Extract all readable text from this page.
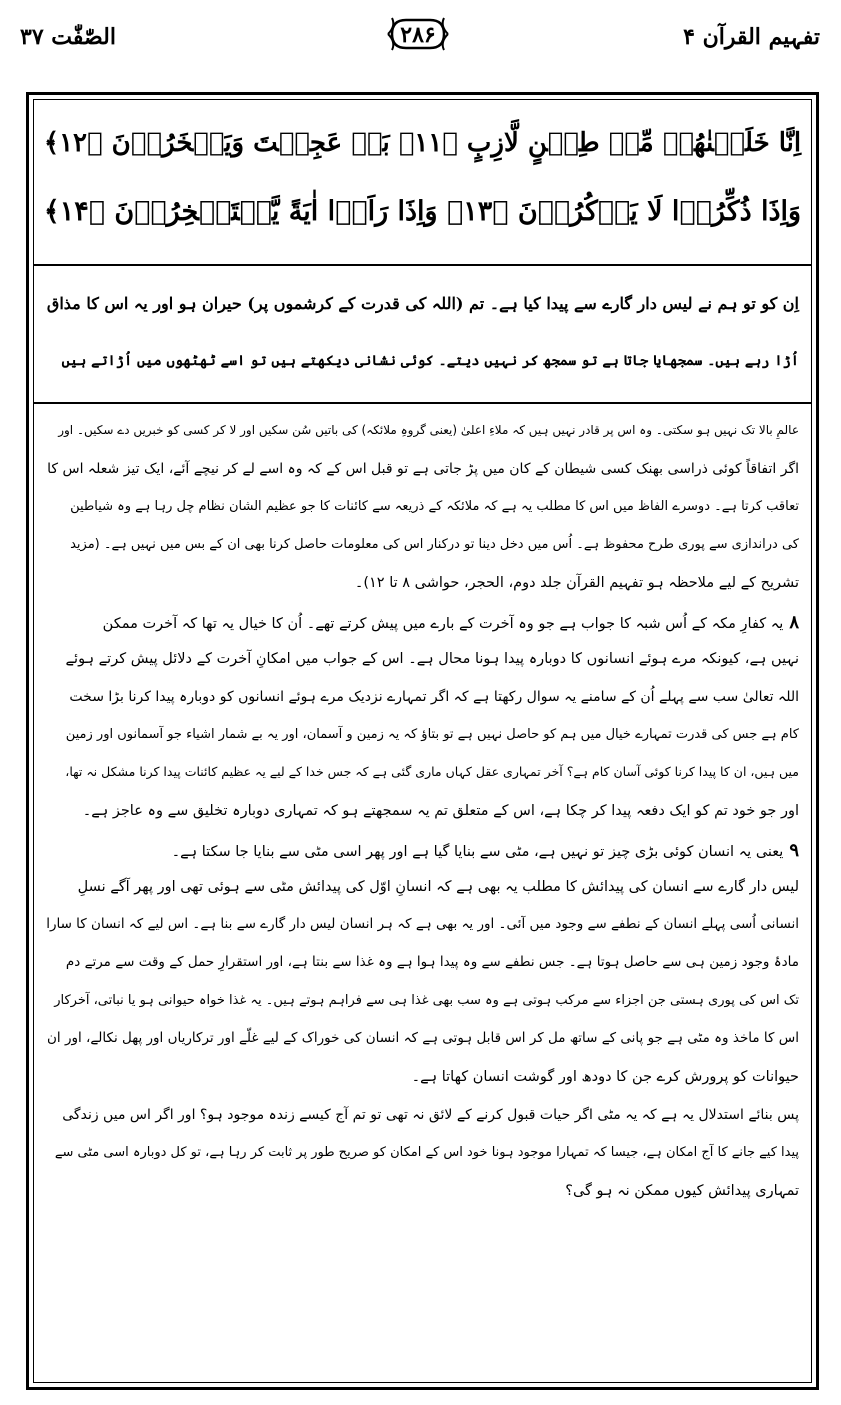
الصّٰفّٰت ۳۷	۲۸۶	تفہیم القرآن ۴
اِنَّا خَلَقۡنٰهُمۡ مِّنۡ طِيۡنٍ لَّازِبٍ ﴿۱۱﴾ بَلۡ عَجِبۡتَ وَيَسۡخَرُوۡنَ ﴿۱۲﴾
وَاِذَا ذُكِّرُوۡا لَا يَذۡكُرُوۡنَ ﴿۱۳﴾ وَاِذَا رَاَوۡا اٰيَةً يَّسۡتَسۡخِرُوۡنَ ﴿۱۴﴾
اِن کو تو ہم نے لیس دار گارے سے پیدا کیا ہے۔ تم (اللہ کی قدرت کے کرشموں پر) حیران ہو اور یہ اس کا مذاق
اُڑا رہے ہیں۔ سمجھایا جاتا ہے تو سمجھ کر نہیں دیتے۔ کوئی نشانی دیکھتے ہیں تو اسے ٹھٹھوں میں اُڑاتے ہیں
عالمِ بالا تک نہیں ہو سکتی۔ وہ اس پر قادر نہیں ہیں کہ ملاءِ اعلیٰ (یعنی گروہِ ملائکہ) کی باتیں سُن سکیں اور لا کر کسی کو خبریں دے سکیں۔ اور
اگر اتفاقاً کوئی ذراسی بھنک کسی شیطان کے کان میں پڑ جاتی ہے تو قبل اس کے کہ وہ اسے لے کر نیچے آئے، ایک تیز شعلہ اس کا
تعاقب کرتا ہے۔ دوسرے الفاظ میں اس کا مطلب یہ ہے کہ ملائکہ کے ذریعہ سے کائنات کا جو عظیم الشان نظام چل رہا ہے وہ شیاطین
کی دراندازی سے پوری طرح محفوظ ہے۔ اُس میں دخل دینا تو درکنار اس کی معلومات حاصل کرنا بھی ان کے بس میں نہیں ہے۔ (مزید
تشریح کے لیے ملاحظہ ہو تفہیم القرآن جلد دوم، الحجر، حواشی ۸ تا ۱۲)۔
۸یہ کفارِ مکہ کے اُس شبہ کا جواب ہے جو وہ آخرت کے بارے میں پیش کرتے تھے۔ اُن کا خیال یہ تھا کہ آخرت ممکن
نہیں ہے، کیونکہ مرے ہوئے انسانوں کا دوبارہ پیدا ہونا محال ہے۔ اس کے جواب میں امکانِ آخرت کے دلائل پیش کرتے ہوئے
اللہ تعالیٰ سب سے پہلے اُن کے سامنے یہ سوال رکھتا ہے کہ اگر تمہارے نزدیک مرے ہوئے انسانوں کو دوبارہ پیدا کرنا بڑا سخت
کام ہے جس کی قدرت تمہارے خیال میں ہم کو حاصل نہیں ہے تو بتاؤ کہ یہ زمین و آسمان، اور یہ بے شمار اشیاء جو آسمانوں اور زمین
میں ہیں، ان کا پیدا کرنا کوئی آسان کام ہے؟ آخر تمہاری عقل کہاں ماری گئی ہے کہ جس خدا کے لیے یہ عظیم کائنات پیدا کرنا مشکل نہ تھا،
اور جو خود تم کو ایک دفعہ پیدا کر چکا ہے، اس کے متعلق تم یہ سمجھتے ہو کہ تمہاری دوبارہ تخلیق سے وہ عاجز ہے۔
۹یعنی یہ انسان کوئی بڑی چیز تو نہیں ہے، مٹی سے بنایا گیا ہے اور پھر اسی مٹی سے بنایا جا سکتا ہے۔
لیس دار گارے سے انسان کی پیدائش کا مطلب یہ بھی ہے کہ انسانِ اوّل کی پیدائش مٹی سے ہوئی تھی اور پھر آگے نسلِ
انسانی اُسی پہلے انسان کے نطفے سے وجود میں آئی۔ اور یہ بھی ہے کہ ہر انسان لیس دار گارے سے بنا ہے۔ اس لیے کہ انسان کا سارا
مادۂ وجود زمین ہی سے حاصل ہوتا ہے۔ جس نطفے سے وہ پیدا ہوا ہے وہ غذا سے بنتا ہے، اور استقرارِ حمل کے وقت سے مرتے دم
تک اس کی پوری ہستی جن اجزاء سے مرکب ہوتی ہے وہ سب بھی غذا ہی سے فراہم ہوتے ہیں۔ یہ غذا خواہ حیوانی ہو یا نباتی، آخرکار
اس کا ماخذ وہ مٹی ہے جو پانی کے ساتھ مل کر اس قابل ہوتی ہے کہ انسان کی خوراک کے لیے غلّے اور ترکاریاں اور پھل نکالے، اور ان
حیوانات کو پرورش کرے جن کا دودھ اور گوشت انسان کھاتا ہے۔
پس بنائے استدلال یہ ہے کہ یہ مٹی اگر حیات قبول کرنے کے لائق نہ تھی تو تم آج کیسے زندہ موجود ہو؟ اور اگر اس میں زندگی
پیدا کیے جانے کا آج امکان ہے، جیسا کہ تمہارا موجود ہونا خود اس کے امکان کو صریح طور پر ثابت کر رہا ہے، تو کل دوبارہ اسی مٹی سے
تمہاری پیدائش کیوں ممکن نہ ہو گی؟
